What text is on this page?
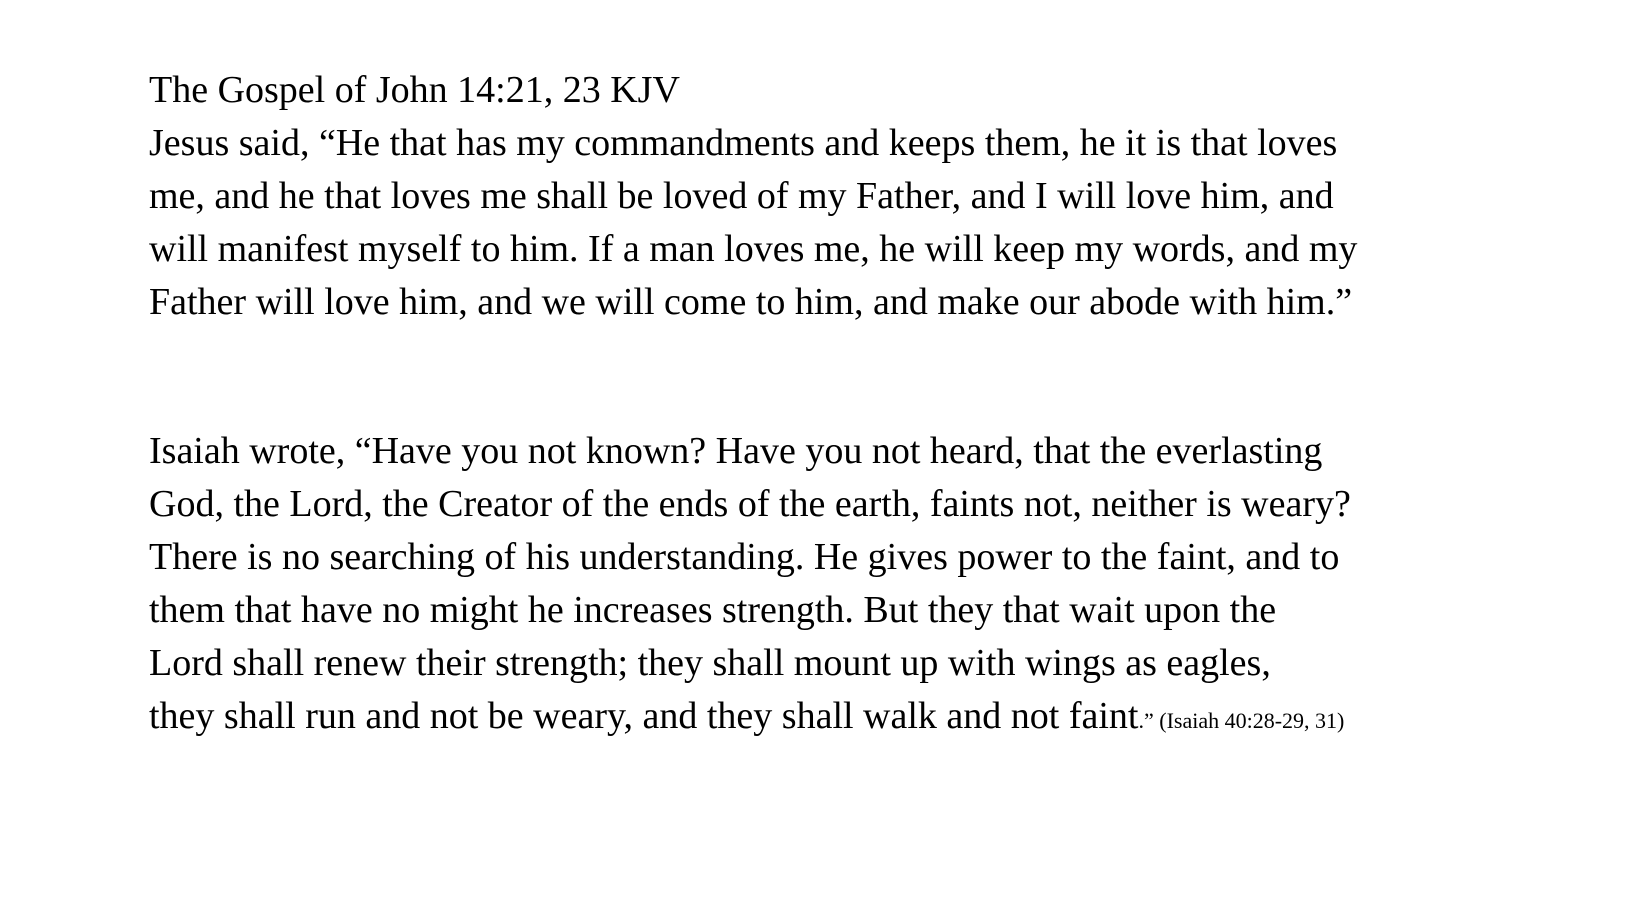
The Gospel of John 14:21, 23 KJV
Jesus said, “He that has my commandments and keeps them, he it is that loves
me, and he that loves me shall be loved of my Father, and I will love him, and
will manifest myself to him. If a man loves me, he will keep my words, and my
Father will love him, and we will come to him, and make our abode with him.”
Isaiah wrote, “Have you not known? Have you not heard, that the everlasting
God, the Lord, the Creator of the ends of the earth, faints not, neither is weary?
There is no searching of his understanding. He gives power to the faint, and to
them that have no might he increases strength. But they that wait upon the
Lord shall renew their strength; they shall mount up with wings as eagles,
they shall run and not be weary, and they shall walk and not faint.” (Isaiah 40:28-29, 31)
